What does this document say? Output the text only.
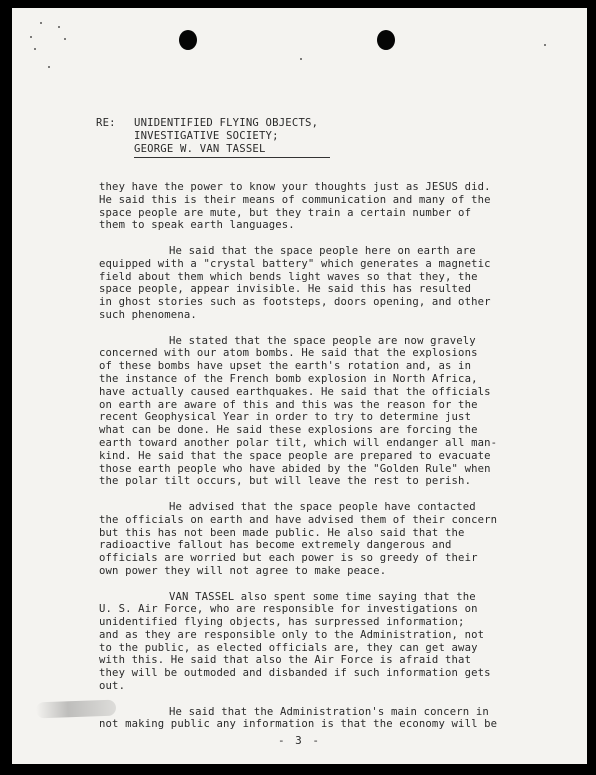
RE: UNIDENTIFIED FLYING OBJECTS,
INVESTIGATIVE SOCIETY;
GEORGE W. VAN TASSEL

they have the power to know your thoughts just as JESUS did.
He said this is their means of communication and many of the
space people are mute, but they train a certain number of
them to speak earth languages.

He said that the space people here on earth are
equipped with a "crystal battery" which generates a magnetic
field about them which bends light waves so that they, the
space people, appear invisible. He said this has resulted
in ghost stories such as footsteps, doors opening, and other
such phenomena.

He stated that the space people are now gravely
concerned with our atom bombs. He said that the explosions
of these bombs have upset the earth's rotation and, as in
the instance of the French bomb explosion in North Africa,
have actually caused earthquakes. He said that the officials
on earth are aware of this and this was the reason for the
recent Geophysical Year in order to try to determine just
what can be done. He said these explosions are forcing the
earth toward another polar tilt, which will endanger all man-
kind. He said that the space people are prepared to evacuate
those earth people who have abided by the "Golden Rule" when
the polar tilt occurs, but will leave the rest to perish.

He advised that the space people have contacted
the officials on earth and have advised them of their concern
but this has not been made public. He also said that the
radioactive fallout has become extremely dangerous and
officials are worried but each power is so greedy of their
own power they will not agree to make peace.

VAN TASSEL also spent some time saying that the
U. S. Air Force, who are responsible for investigations on
unidentified flying objects, has surpressed information;
and as they are responsible only to the Administration, not
to the public, as elected officials are, they can get away
with this. He said that also the Air Force is afraid that
they will be outmoded and disbanded if such information gets
out.

He said that the Administration's main concern in
not making public any information is that the economy will be

- 3 -
